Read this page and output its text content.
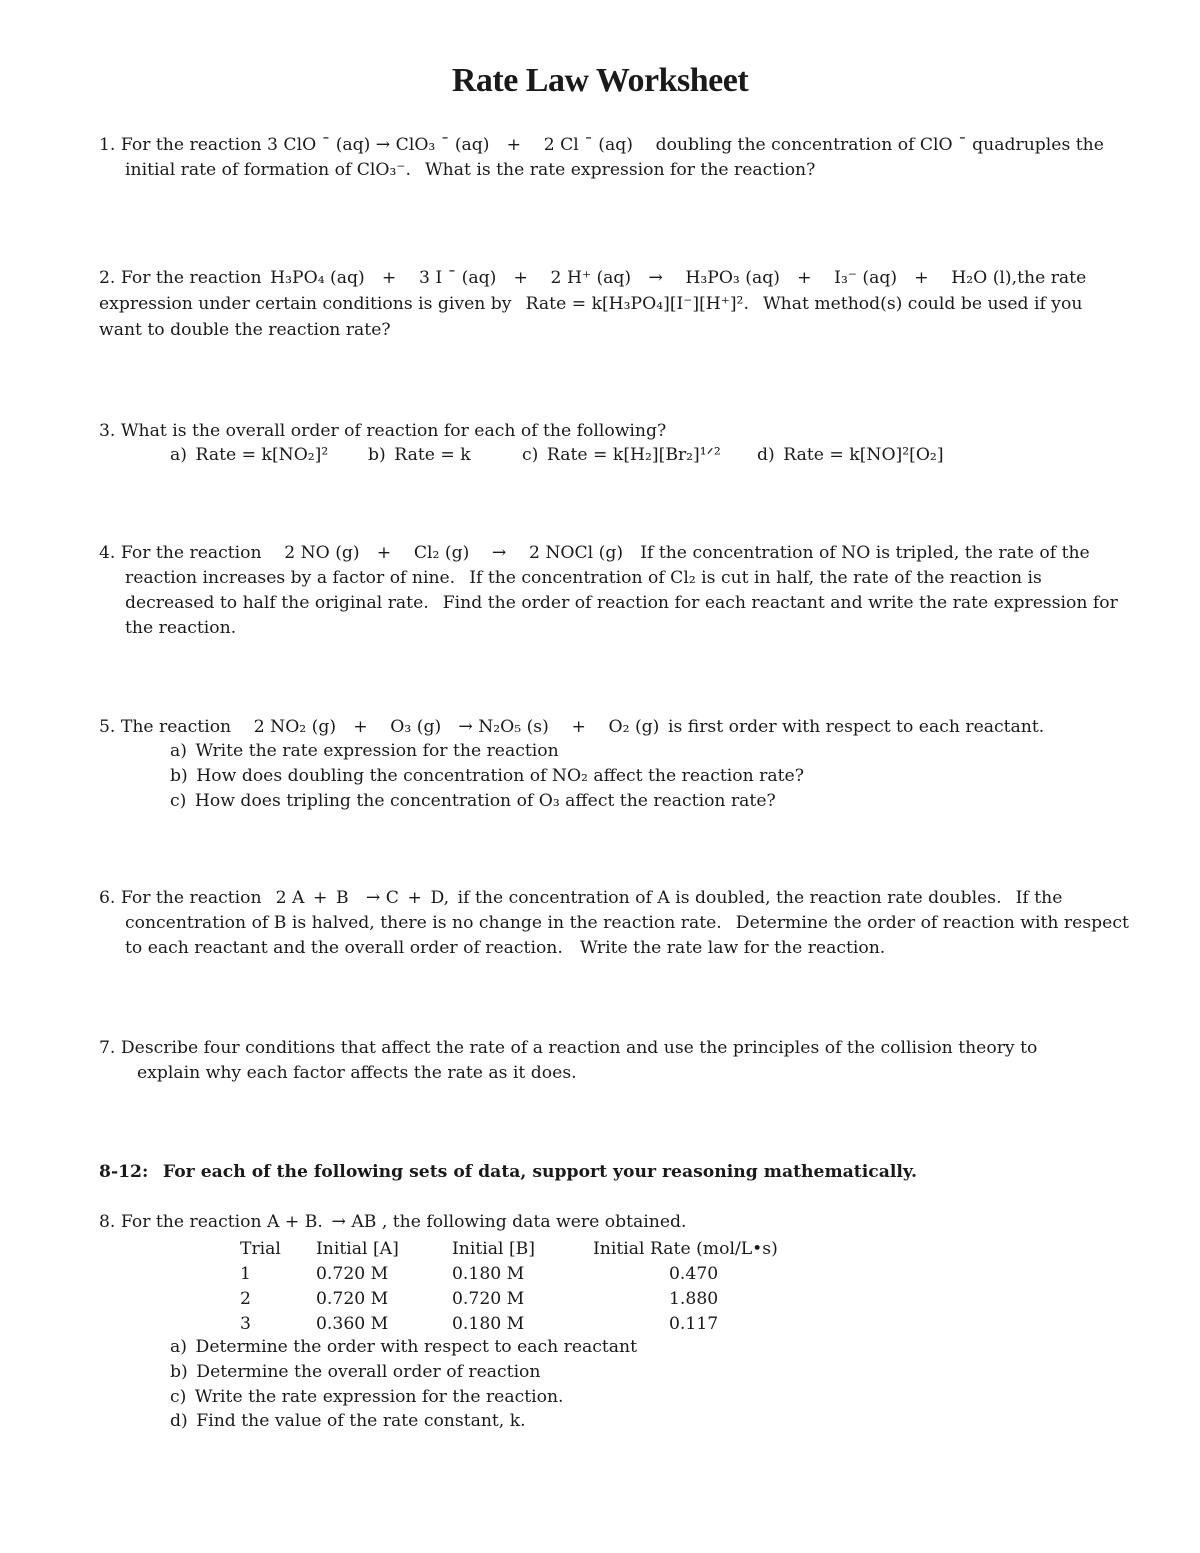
Rate Law Worksheet
1. For the reaction 3 ClO ¯ (aq) → ClO₃ ¯ (aq) +  2 Cl ¯ (aq)  doubling the concentration of ClO ¯ quadruples the
initial rate of formation of ClO₃⁻.  What is the rate expression for the reaction?
2. For the reaction H₃PO₄ (aq) +  3 I ¯ (aq) +  2 H⁺ (aq) →  H₃PO₃ (aq) +  I₃⁻ (aq) +  H₂O (l),the rate
expression under certain conditions is given by  Rate = k[H₃PO₄][I⁻][H⁺]².  What method(s) could be used if you
want to double the reaction rate?
3. What is the overall order of reaction for each of the following?
a) Rate = k[NO₂]² b) Rate = k	c) Rate = k[H₂][Br₂]¹ᐟ² d) Rate = k[NO]²[O₂]
4. For the reaction  2 NO (g) +  Cl₂ (g)  →  2 NOCl (g) If the concentration of NO is tripled, the rate of the
reaction increases by a factor of nine.  If the concentration of Cl₂ is cut in half, the rate of the reaction is
decreased to half the original rate.  Find the order of reaction for each reactant and write the rate expression for
the reaction.
5. The reaction  2 NO₂ (g) +  O₃ (g) → N₂O₅ (s)  +  O₂ (g) is first order with respect to each reactant.
a) Write the rate expression for the reaction
b) How does doubling the concentration of NO₂ affect the reaction rate?
c) How does tripling the concentration of O₃ affect the reaction rate?
6. For the reaction  2 A + B → C + D, if the concentration of A is doubled, the reaction rate doubles.  If the
concentration of B is halved, there is no change in the reaction rate.  Determine the order of reaction with respect
to each reactant and the overall order of reaction. Write the rate law for the reaction.
7. Describe four conditions that affect the rate of a reaction and use the principles of the collision theory to
explain why each factor affects the rate as it does.
8-12:  For each of the following sets of data, support your reasoning mathematically.
8. For the reaction A + B. → AB , the following data were obtained.
Trial Initial [A]	Initial [B]	Initial Rate (mol/L•s)
1	0.720 M	0.180 M	0.470
2	0.720 M	0.720 M	1.880
3	0.360 M	0.180 M	0.117
a) Determine the order with respect to each reactant
b) Determine the overall order of reaction
c) Write the rate expression for the reaction.
d) Find the value of the rate constant, k.
